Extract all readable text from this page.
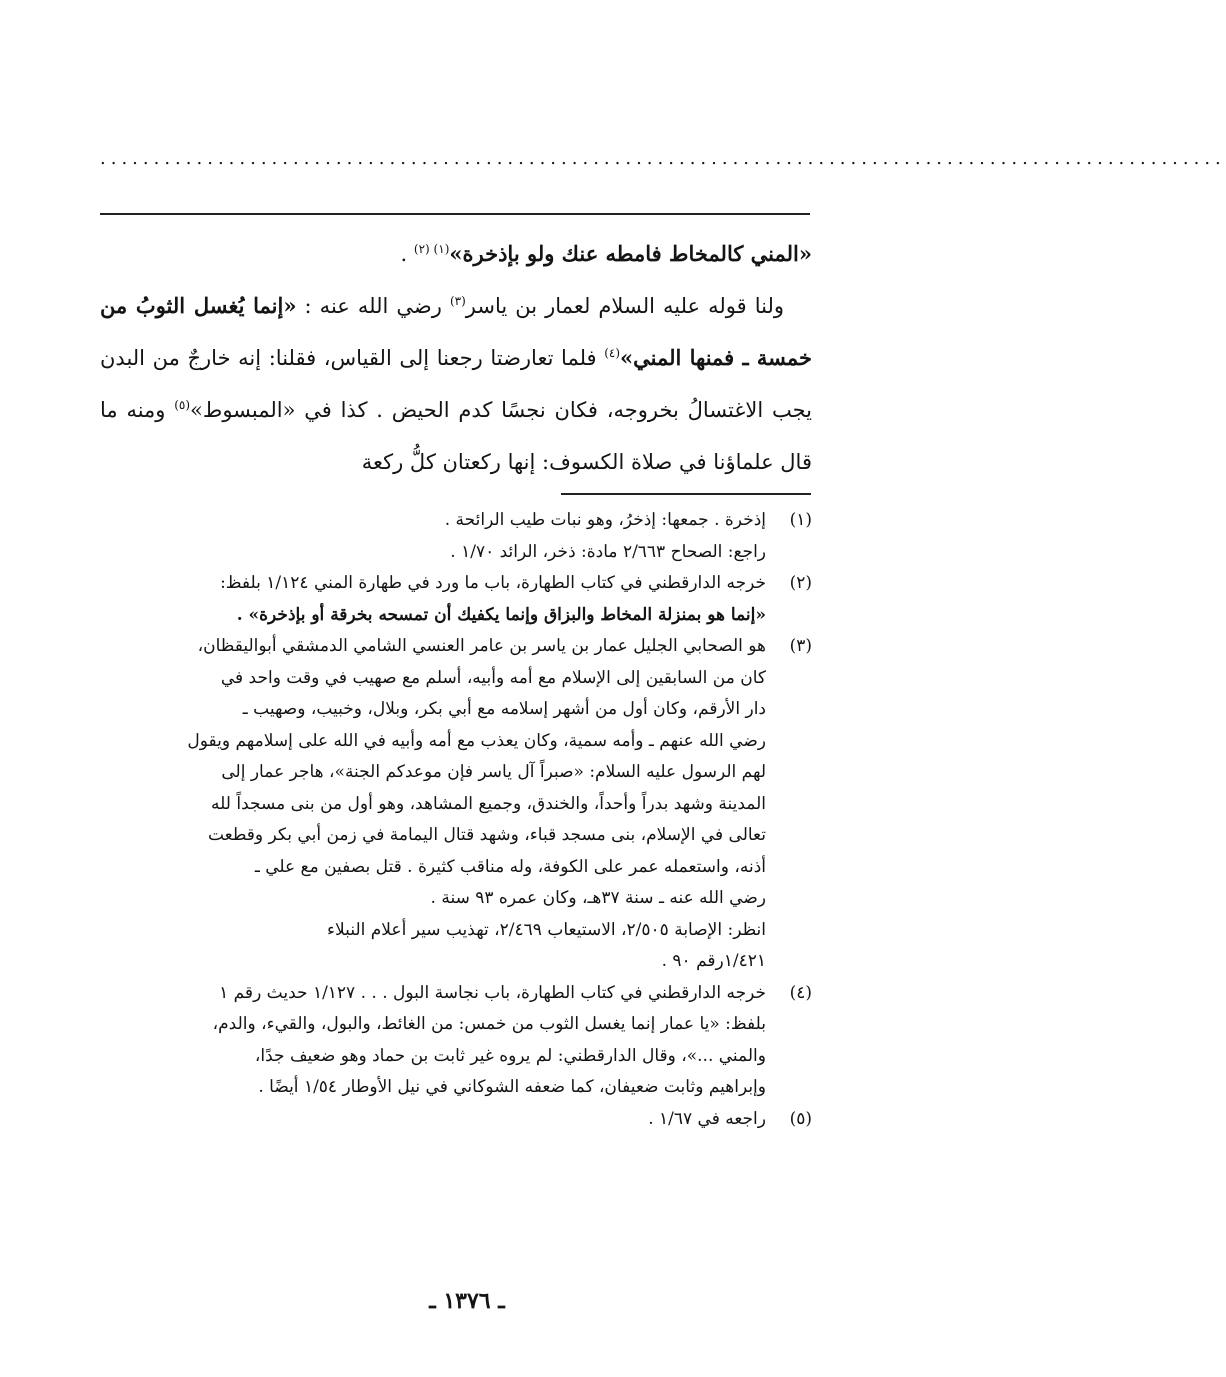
.........................................................................................................

«المني كالمخاط فامطه عنك ولو بإذخرة»$^{(١) (٢)}$ .

ولنا قوله عليه السلام لعمار بن ياسر$^{(٣)}$ رضي الله عنه : «إنما يُغسل الثوبُ من خمسة ـ فمنها المني»$^{(٤)}$ فلما تعارضتا رجعنا إلى القياس، فقلنا: إنه خارجٌ من البدن يجب الاغتسالُ بخروجه، فكان نجسًا كدم الحيض . كذا في «المبسوط»$^{(٥)}$ ومنه ما قال علماؤنا في صلاة الكسوف: إنها ركعتان كلُّ ركعة

(١)
إذخرة . جمعها: إذخرُ، وهو نبات طيب الرائحة .
راجع: الصحاح ٢/٦٦٣ مادة: ذخر، الرائد ١/٧٠ .
(٢)
خرجه الدارقطني في كتاب الطهارة، باب ما ورد في طهارة المني ١/١٢٤ بلفظ:
«إنما هو بمنزلة المخاط والبزاق وإنما يكفيك أن تمسحه بخرقة أو بإذخرة» .
(٣)
هو الصحابي الجليل عمار بن ياسر بن عامر العنسي الشامي الدمشقي أبواليقظان،
كان من السابقين إلى الإسلام مع أمه وأبيه، أسلم مع صهيب في وقت واحد في
دار الأرقم، وكان أول من أشهر إسلامه مع أبي بكر، وبلال، وخبيب، وصهيب ـ
رضي الله عنهم ـ وأمه سمية، وكان يعذب مع أمه وأبيه في الله على إسلامهم ويقول
لهم الرسول عليه السلام: «صبراً آل ياسر فإن موعدكم الجنة»، هاجر عمار إلى
المدينة وشهد بدراً وأحداً، والخندق، وجميع المشاهد، وهو أول من بنى مسجداً لله
تعالى في الإسلام، بنى مسجد قباء، وشهد قتال اليمامة في زمن أبي بكر وقطعت
أذنه، واستعمله عمر على الكوفة، وله مناقب كثيرة . قتل بصفين مع علي ـ
رضي الله عنه ـ سنة ٣٧هـ، وكان عمره ٩٣ سنة .
انظر: الإصابة ٢/٥٠٥، الاستيعاب ٢/٤٦٩، تهذيب سير أعلام النبلاء
١/٤٢١رقم ٩٠ .
(٤)
خرجه الدارقطني في كتاب الطهارة، باب نجاسة البول . . . ١/١٢٧ حديث رقم ١
بلفظ: «يا عمار إنما يغسل الثوب من خمس: من الغائط، والبول، والقيء، والدم،
والمني ...»، وقال الدارقطني: لم يروه غير ثابت بن حماد وهو ضعيف جدًا،
وإبراهيم وثابت ضعيفان، كما ضعفه الشوكاني في نيل الأوطار ١/٥٤ أيضًا .
(٥)
راجعه في ١/٦٧ .
ـ ١٣٧٦ ـ
